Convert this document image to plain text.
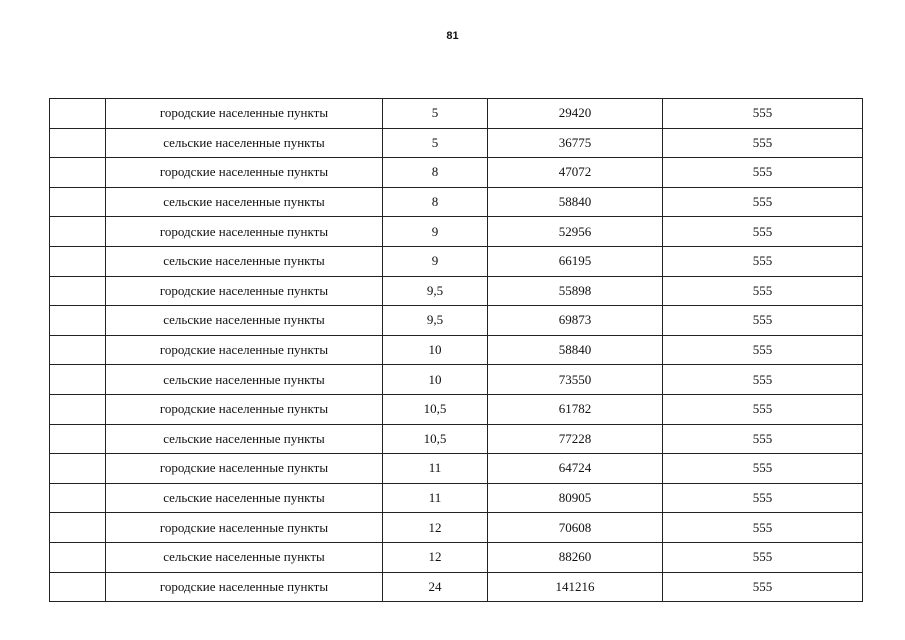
81
	городские населенные пункты	5	29420	555
	сельские населенные пункты	5	36775	555
	городские населенные пункты	8	47072	555
	сельские населенные пункты	8	58840	555
	городские населенные пункты	9	52956	555
	сельские населенные пункты	9	66195	555
	городские населенные пункты	9,5	55898	555
	сельские населенные пункты	9,5	69873	555
	городские населенные пункты	10	58840	555
	сельские населенные пункты	10	73550	555
	городские населенные пункты	10,5	61782	555
	сельские населенные пункты	10,5	77228	555
	городские населенные пункты	11	64724	555
	сельские населенные пункты	11	80905	555
	городские населенные пункты	12	70608	555
	сельские населенные пункты	12	88260	555
	городские населенные пункты	24	141216	555
